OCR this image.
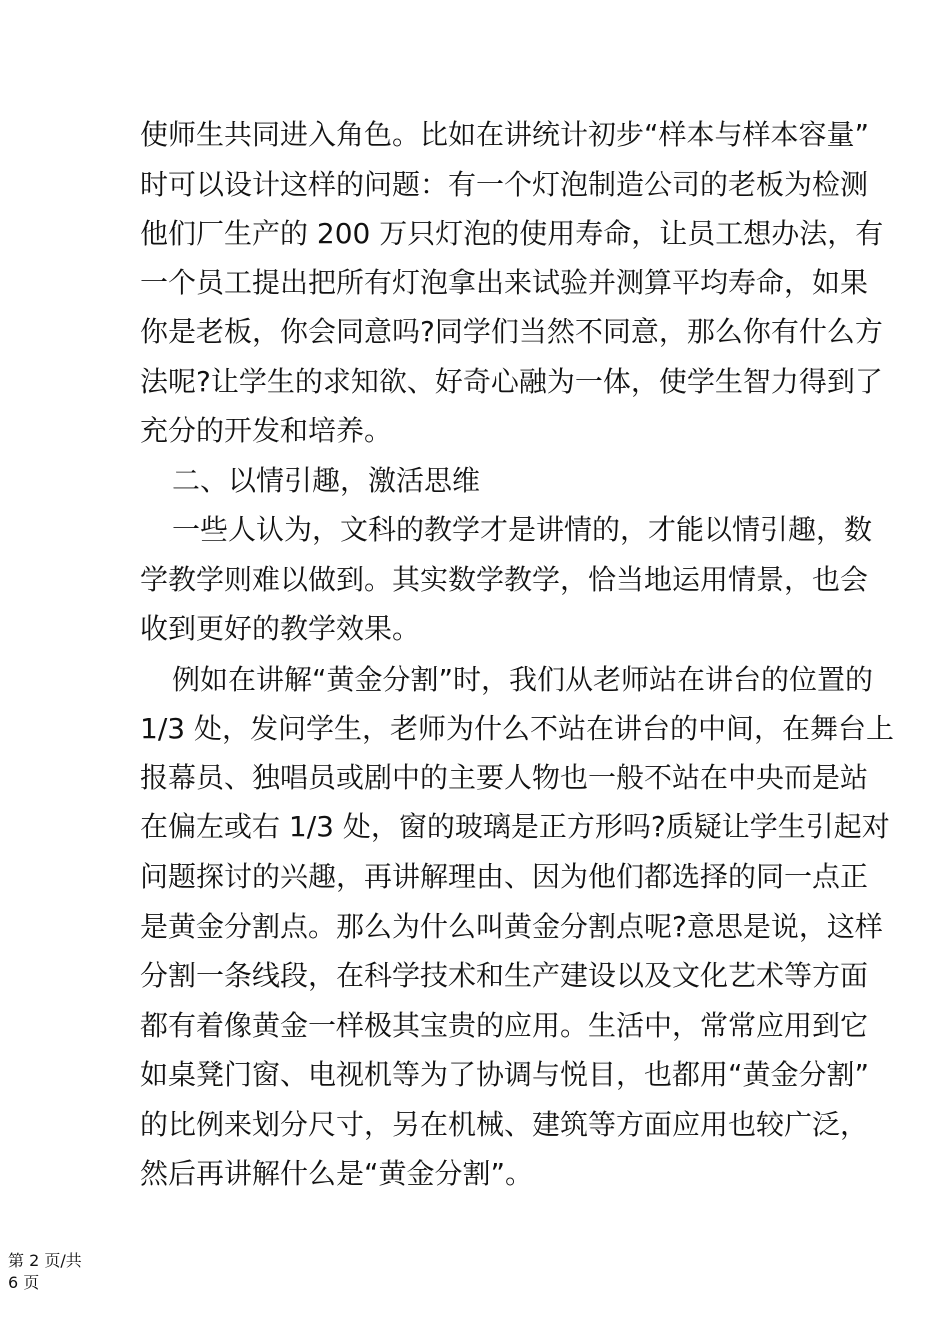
使师生共同进入角色。比如在讲统计初步“样本与样本容量”
时可以设计这样的问题：有一个灯泡制造公司的老板为检测
他们厂生产的 200 万只灯泡的使用寿命，让员工想办法，有
一个员工提出把所有灯泡拿出来试验并测算平均寿命，如果
你是老板，你会同意吗?同学们当然不同意，那么你有什么方
法呢?让学生的求知欲、好奇心融为一体，使学生智力得到了
充分的开发和培养。
二、以情引趣，激活思维
一些人认为，文科的教学才是讲情的，才能以情引趣，数
学教学则难以做到。其实数学教学，恰当地运用情景，也会
收到更好的教学效果。
例如在讲解“黄金分割”时，我们从老师站在讲台的位置的
1/3 处，发问学生，老师为什么不站在讲台的中间，在舞台上
报幕员、独唱员或剧中的主要人物也一般不站在中央而是站
在偏左或右 1/3 处，窗的玻璃是正方形吗?质疑让学生引起对
问题探讨的兴趣，再讲解理由、因为他们都选择的同一点正
是黄金分割点。那么为什么叫黄金分割点呢?意思是说，这样
分割一条线段，在科学技术和生产建设以及文化艺术等方面
都有着像黄金一样极其宝贵的应用。生活中，常常应用到它
如桌凳门窗、电视机等为了协调与悦目，也都用“黄金分割”
的比例来划分尺寸，另在机械、建筑等方面应用也较广泛，
然后再讲解什么是“黄金分割”。
第 2 页/共
6 页
